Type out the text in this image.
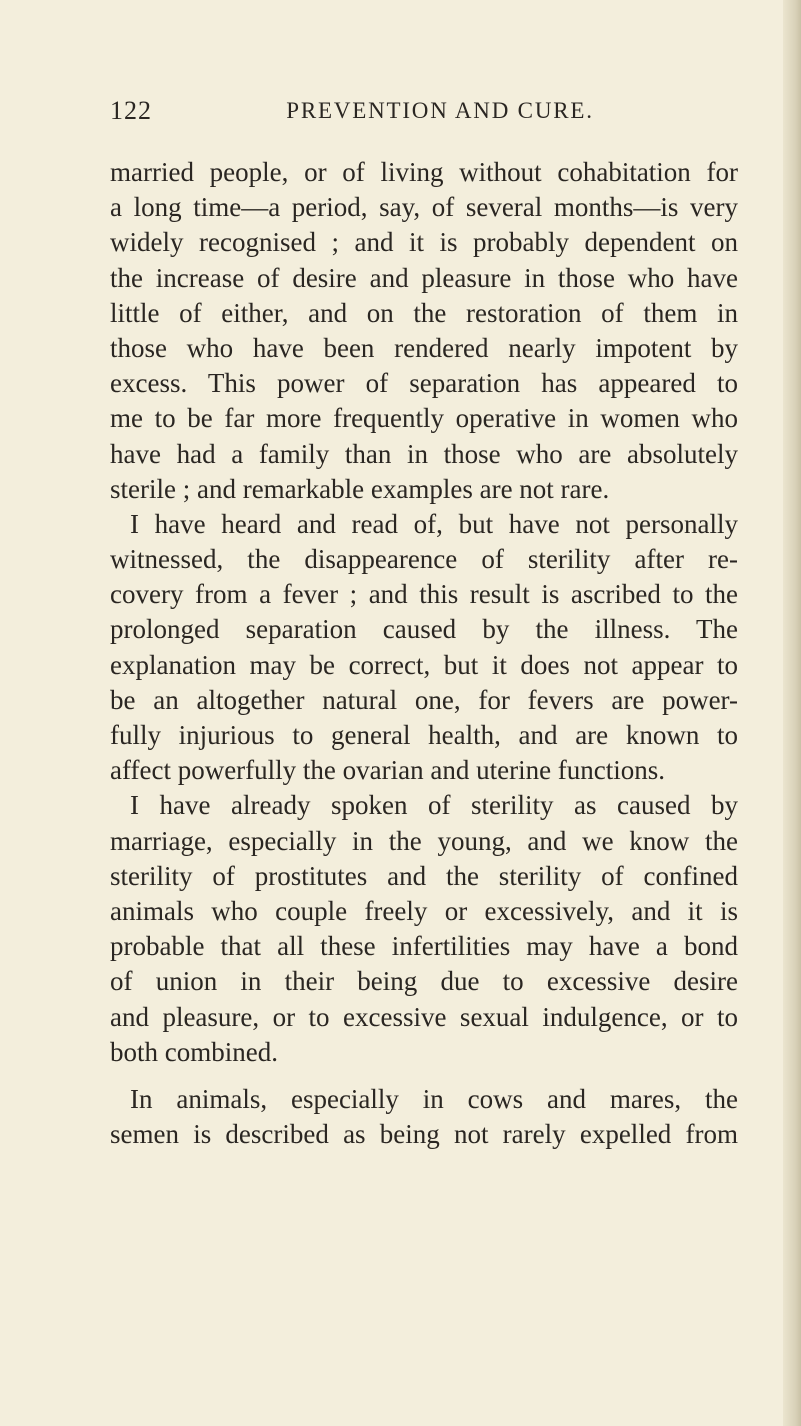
122	PREVENTION AND CURE.
married people, or of living without cohabitation for
a long time—a period, say, of several months—is very
widely recognised ; and it is probably dependent on
the increase of desire and pleasure in those who have
little of either, and on the restoration of them in
those who have been rendered nearly impotent by
excess. This power of separation has appeared to
me to be far more frequently operative in women who
have had a family than in those who are absolutely
sterile ; and remarkable examples are not rare.
I have heard and read of, but have not personally
witnessed, the disappearence of sterility after re-
covery from a fever ; and this result is ascribed to the
prolonged separation caused by the illness. The
explanation may be correct, but it does not appear to
be an altogether natural one, for fevers are power-
fully injurious to general health, and are known to
affect powerfully the ovarian and uterine functions.
I have already spoken of sterility as caused by
marriage, especially in the young, and we know the
sterility of prostitutes and the sterility of confined
animals who couple freely or excessively, and it is
probable that all these infertilities may have a bond
of union in their being due to excessive desire
and pleasure, or to excessive sexual indulgence, or to
both combined.
In animals, especially in cows and mares, the
semen is described as being not rarely expelled from
